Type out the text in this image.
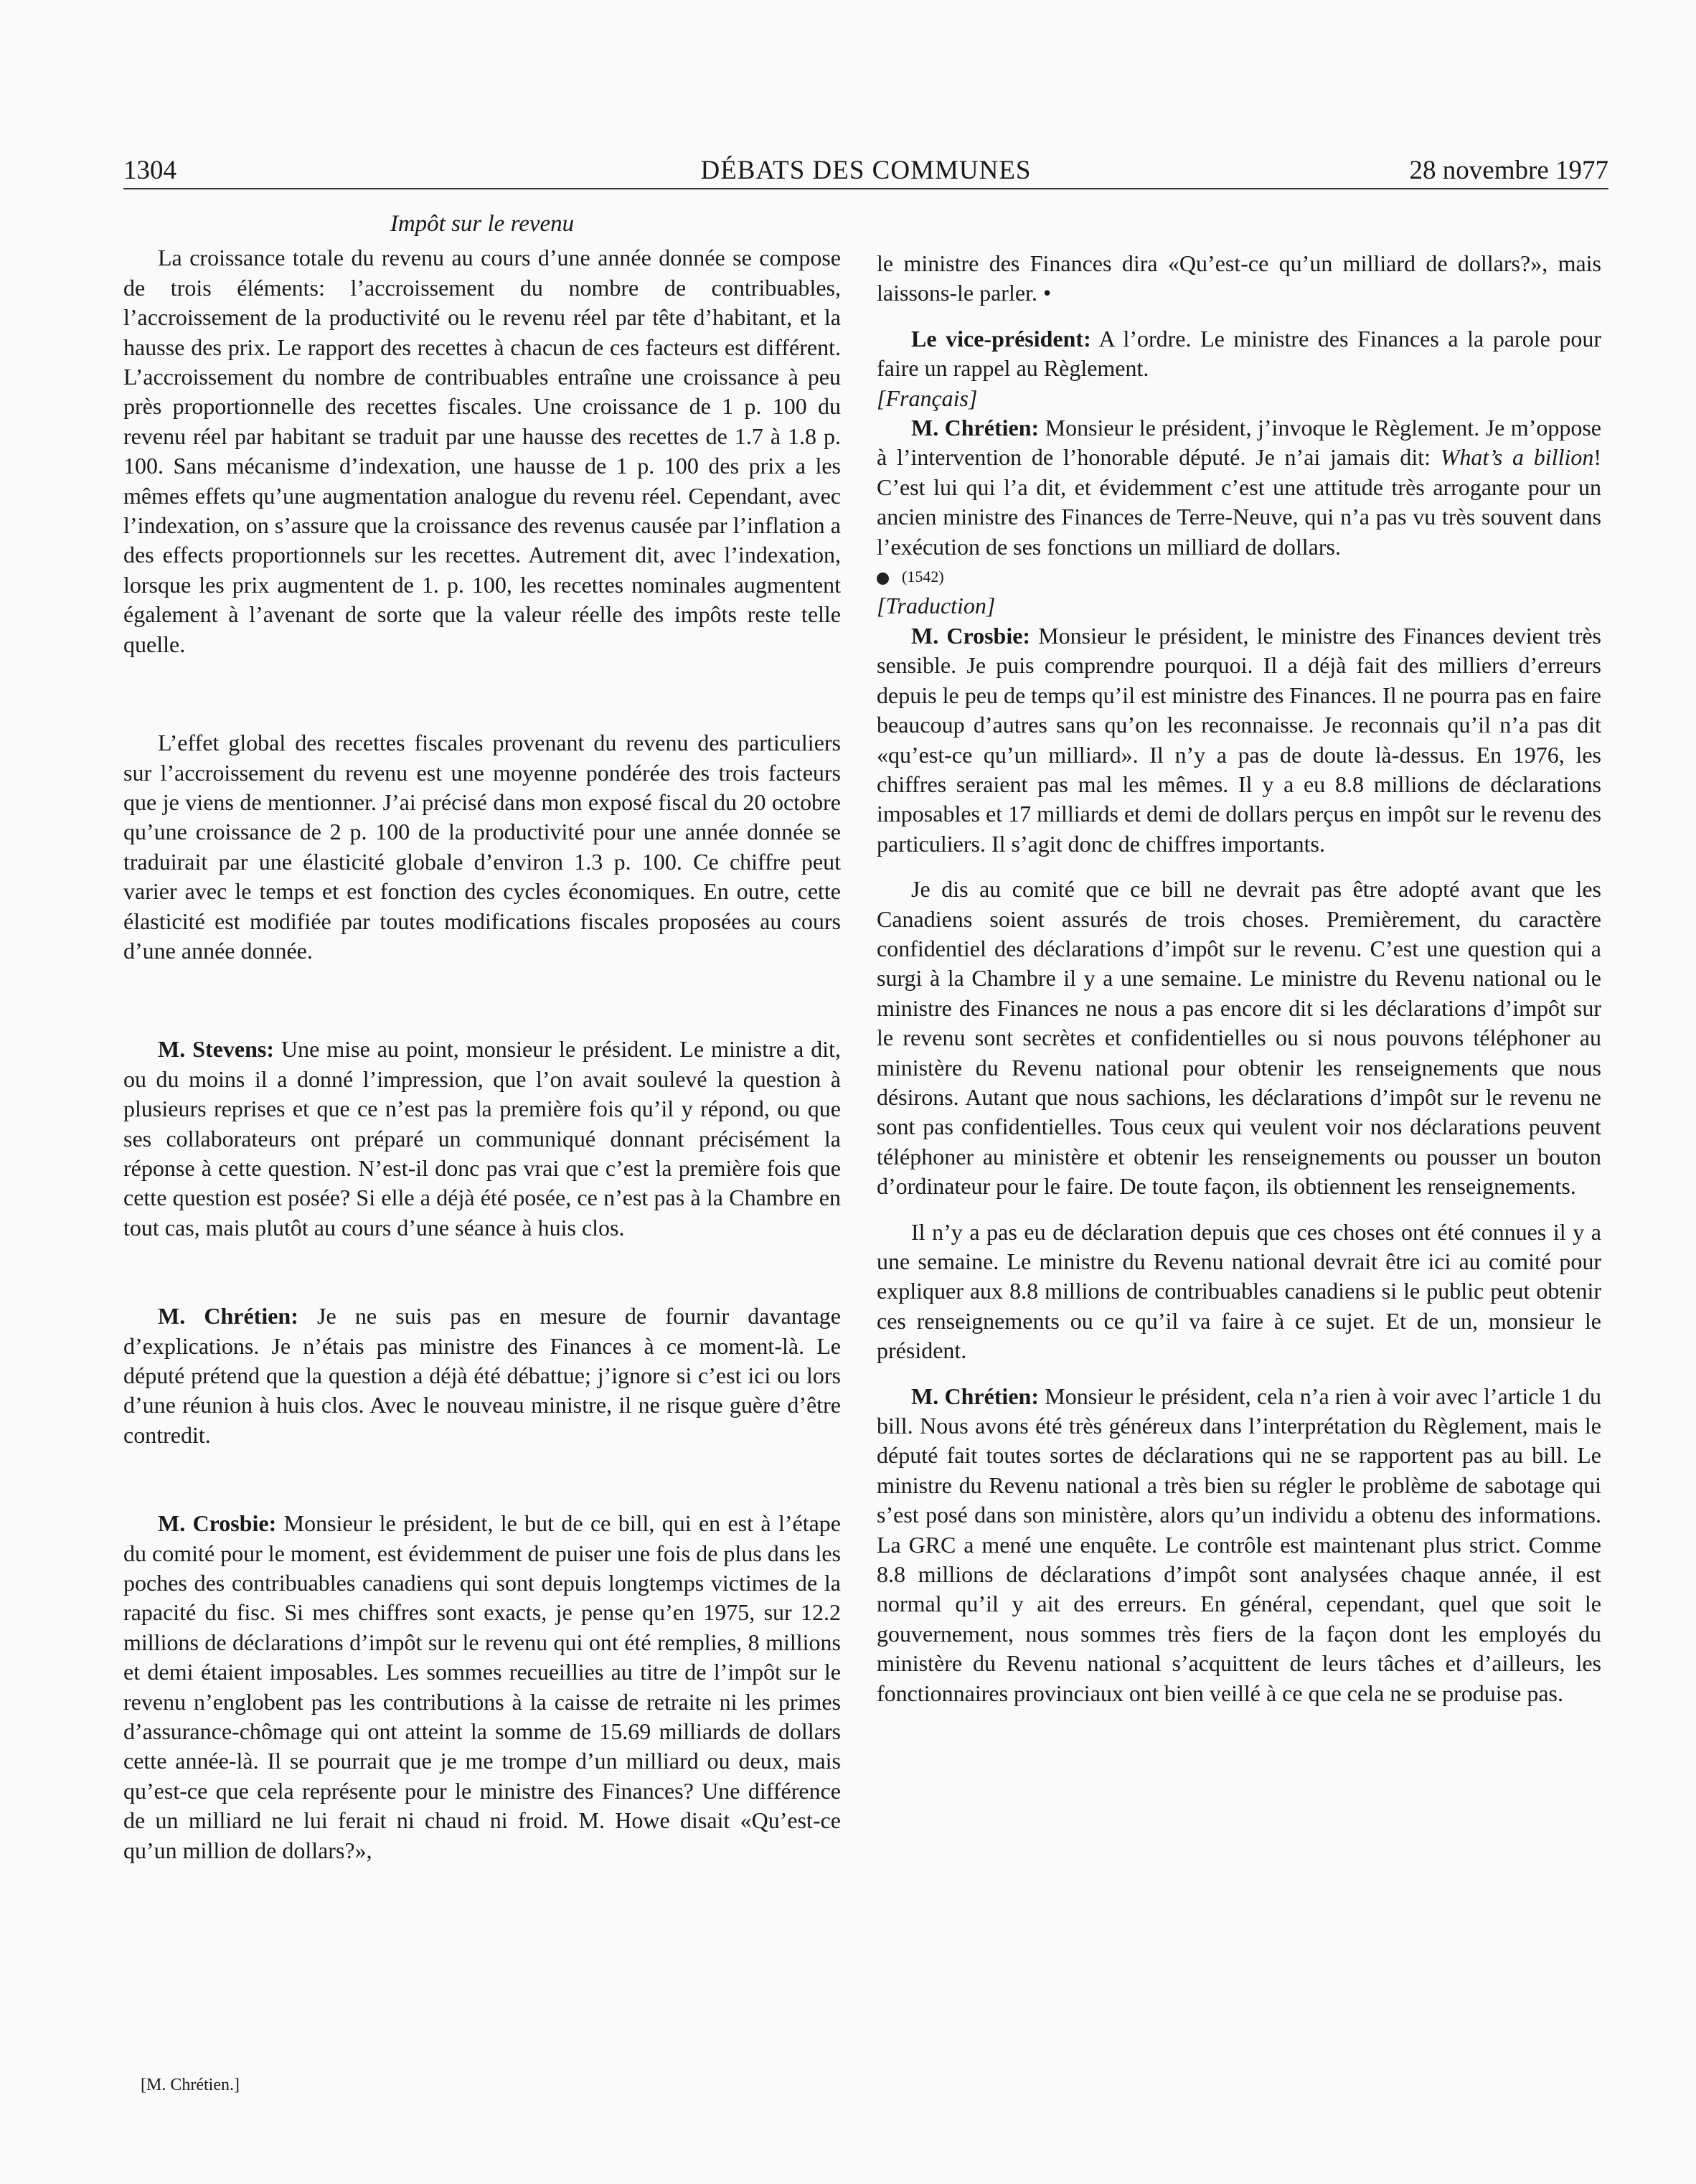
1304	DÉBATS DES COMMUNES	28 novembre 1977
Impôt sur le revenu

La croissance totale du revenu au cours d’une année donnée se compose de trois éléments: l’accroissement du nombre de contribuables, l’accroissement de la productivité ou le revenu réel par tête d’habitant, et la hausse des prix. Le rapport des recettes à chacun de ces facteurs est différent. L’accroissement du nombre de contribuables entraîne une croissance à peu près proportionnelle des recettes fiscales. Une croissance de 1 p. 100 du revenu réel par habitant se traduit par une hausse des recettes de 1.7 à 1.8 p. 100. Sans mécanisme d’indexation, une hausse de 1 p. 100 des prix a les mêmes effets qu’une augmentation analogue du revenu réel. Cependant, avec l’indexation, on s’assure que la croissance des revenus causée par l’inflation a des effects proportionnels sur les recettes. Autrement dit, avec l’indexation, lorsque les prix augmentent de 1. p. 100, les recettes nominales augmentent également à l’avenant de sorte que la valeur réelle des impôts reste telle quelle.

L’effet global des recettes fiscales provenant du revenu des particuliers sur l’accroissement du revenu est une moyenne pondérée des trois facteurs que je viens de mentionner. J’ai précisé dans mon exposé fiscal du 20 octobre qu’une croissance de 2 p. 100 de la productivité pour une année donnée se traduirait par une élasticité globale d’environ 1.3 p. 100. Ce chiffre peut varier avec le temps et est fonction des cycles économiques. En outre, cette élasticité est modifiée par toutes modifications fiscales proposées au cours d’une année donnée.

M. Stevens: Une mise au point, monsieur le président. Le ministre a dit, ou du moins il a donné l’impression, que l’on avait soulevé la question à plusieurs reprises et que ce n’est pas la première fois qu’il y répond, ou que ses collaborateurs ont préparé un communiqué donnant précisément la réponse à cette question. N’est-il donc pas vrai que c’est la première fois que cette question est posée? Si elle a déjà été posée, ce n’est pas à la Chambre en tout cas, mais plutôt au cours d’une séance à huis clos.

M. Chrétien: Je ne suis pas en mesure de fournir davantage d’explications. Je n’étais pas ministre des Finances à ce moment-là. Le député prétend que la question a déjà été débattue; j’ignore si c’est ici ou lors d’une réunion à huis clos. Avec le nouveau ministre, il ne risque guère d’être contredit.

M. Crosbie: Monsieur le président, le but de ce bill, qui en est à l’étape du comité pour le moment, est évidemment de puiser une fois de plus dans les poches des contribuables canadiens qui sont depuis longtemps victimes de la rapacité du fisc. Si mes chiffres sont exacts, je pense qu’en 1975, sur 12.2 millions de déclarations d’impôt sur le revenu qui ont été remplies, 8 millions et demi étaient imposables. Les sommes recueillies au titre de l’impôt sur le revenu n’englobent pas les contributions à la caisse de retraite ni les primes d’assurance-chômage qui ont atteint la somme de 15.69 milliards de dollars cette année-là. Il se pourrait que je me trompe d’un milliard ou deux, mais qu’est-ce que cela représente pour le ministre des Finances? Une différence de un milliard ne lui ferait ni chaud ni froid. M. Howe disait «Qu’est-ce qu’un million de dollars?»,

[M. Chrétien.]

le ministre des Finances dira «Qu’est-ce qu’un milliard de dollars?», mais laissons-le parler. •

Le vice-président: A l’ordre. Le ministre des Finances a la parole pour faire un rappel au Règlement.

[Français]

M. Chrétien: Monsieur le président, j’invoque le Règlement. Je m’oppose à l’intervention de l’honorable député. Je n’ai jamais dit: What’s a billion! C’est lui qui l’a dit, et évidemment c’est une attitude très arrogante pour un ancien ministre des Finances de Terre-Neuve, qui n’a pas vu très souvent dans l’exécution de ses fonctions un milliard de dollars.

(1542)

[Traduction]

M. Crosbie: Monsieur le président, le ministre des Finances devient très sensible. Je puis comprendre pourquoi. Il a déjà fait des milliers d’erreurs depuis le peu de temps qu’il est ministre des Finances. Il ne pourra pas en faire beaucoup d’autres sans qu’on les reconnaisse. Je reconnais qu’il n’a pas dit «qu’est-ce qu’un milliard». Il n’y a pas de doute là-dessus. En 1976, les chiffres seraient pas mal les mêmes. Il y a eu 8.8 millions de déclarations imposables et 17 milliards et demi de dollars perçus en impôt sur le revenu des particuliers. Il s’agit donc de chiffres importants.

Je dis au comité que ce bill ne devrait pas être adopté avant que les Canadiens soient assurés de trois choses. Premièrement, du caractère confidentiel des déclarations d’impôt sur le revenu. C’est une question qui a surgi à la Chambre il y a une semaine. Le ministre du Revenu national ou le ministre des Finances ne nous a pas encore dit si les déclarations d’impôt sur le revenu sont secrètes et confidentielles ou si nous pouvons téléphoner au ministère du Revenu national pour obtenir les renseignements que nous désirons. Autant que nous sachions, les déclarations d’impôt sur le revenu ne sont pas confidentielles. Tous ceux qui veulent voir nos déclarations peuvent téléphoner au ministère et obtenir les renseignements ou pousser un bouton d’ordinateur pour le faire. De toute façon, ils obtiennent les renseignements.

Il n’y a pas eu de déclaration depuis que ces choses ont été connues il y a une semaine. Le ministre du Revenu national devrait être ici au comité pour expliquer aux 8.8 millions de contribuables canadiens si le public peut obtenir ces renseignements ou ce qu’il va faire à ce sujet. Et de un, monsieur le président.

M. Chrétien: Monsieur le président, cela n’a rien à voir avec l’article 1 du bill. Nous avons été très généreux dans l’interprétation du Règlement, mais le député fait toutes sortes de déclarations qui ne se rapportent pas au bill. Le ministre du Revenu national a très bien su régler le problème de sabotage qui s’est posé dans son ministère, alors qu’un individu a obtenu des informations. La GRC a mené une enquête. Le contrôle est maintenant plus strict. Comme 8.8 millions de déclarations d’impôt sont analysées chaque année, il est normal qu’il y ait des erreurs. En général, cependant, quel que soit le gouvernement, nous sommes très fiers de la façon dont les employés du ministère du Revenu national s’acquittent de leurs tâches et d’ailleurs, les fonctionnaires provinciaux ont bien veillé à ce que cela ne se produise pas.
